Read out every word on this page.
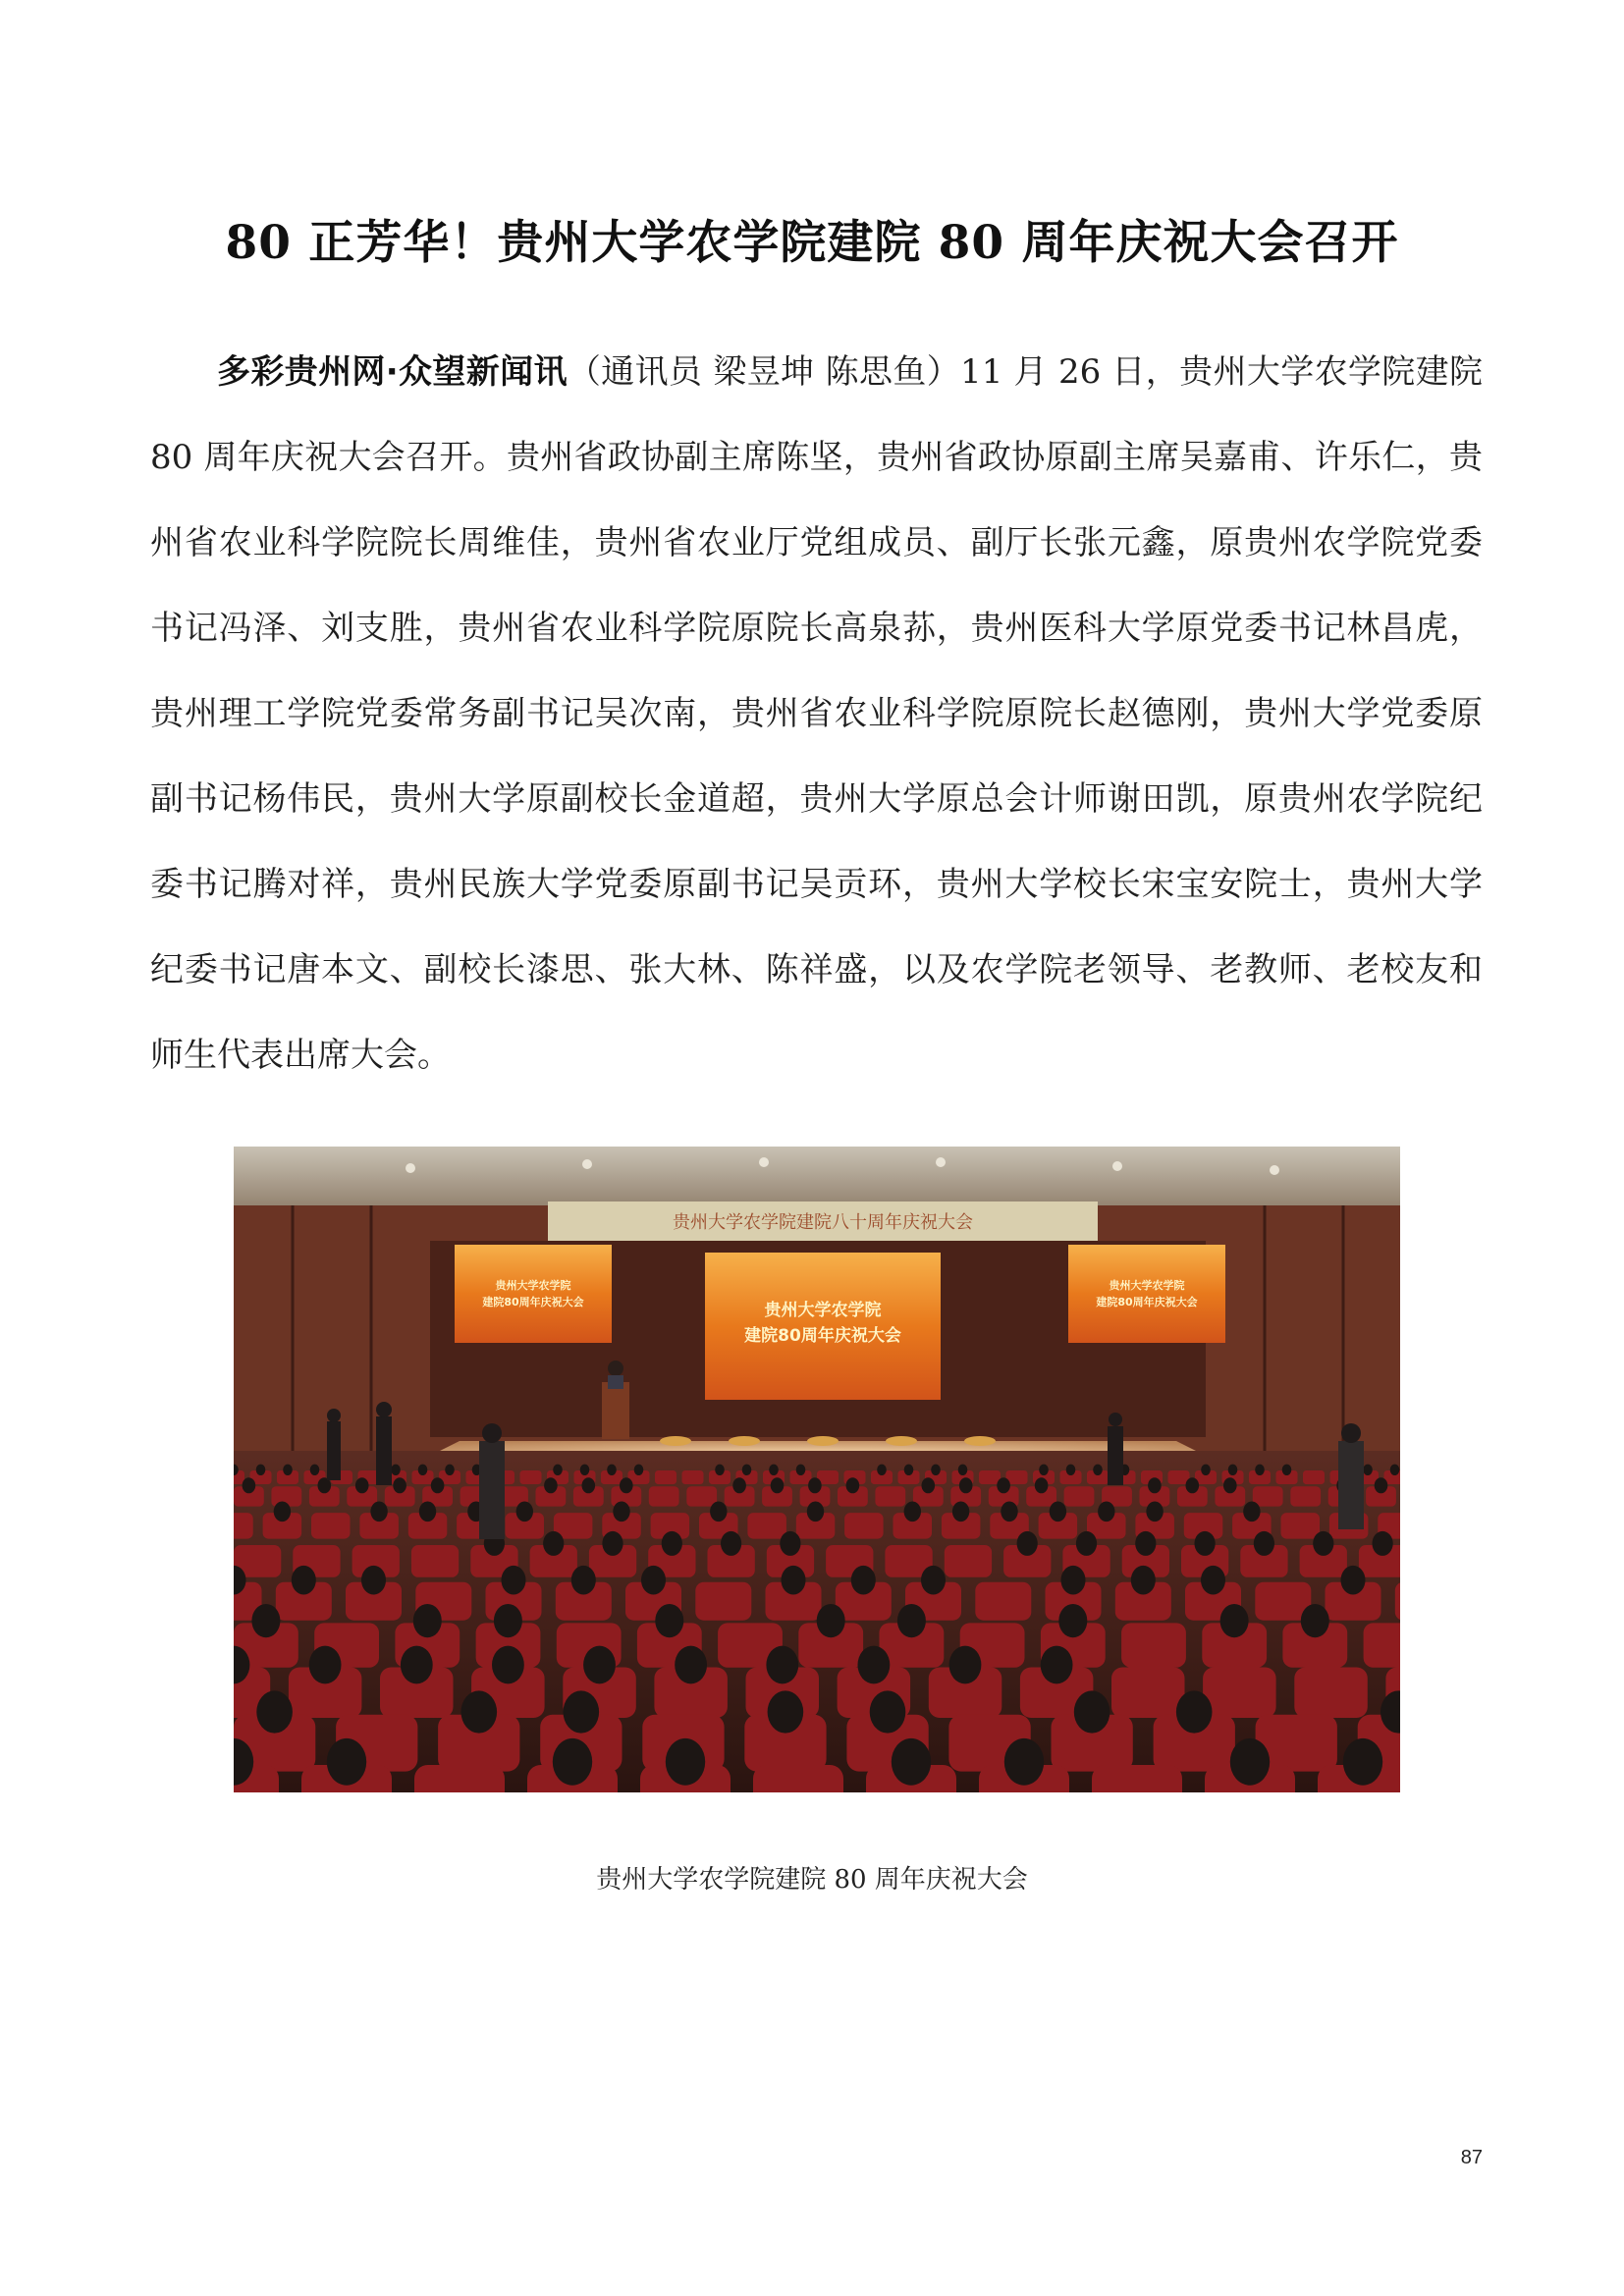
80 正芳华！贵州大学农学院建院 80 周年庆祝大会召开

多彩贵州网·众望新闻讯（通讯员 梁昱坤 陈思鱼）11 月 26 日，贵州大学农学院建院 80 周年庆祝大会召开。贵州省政协副主席陈坚，贵州省政协原副主席吴嘉甫、许乐仁，贵州省农业科学院院长周维佳，贵州省农业厅党组成员、副厅长张元鑫，原贵州农学院党委书记冯泽、刘支胜，贵州省农业科学院原院长高泉荪，贵州医科大学原党委书记林昌虎，贵州理工学院党委常务副书记吴次南，贵州省农业科学院原院长赵德刚，贵州大学党委原副书记杨伟民，贵州大学原副校长金道超，贵州大学原总会计师谢田凯，原贵州农学院纪委书记腾对祥，贵州民族大学党委原副书记吴贡环，贵州大学校长宋宝安院士，贵州大学纪委书记唐本文、副校长漆思、张大林、陈祥盛，以及农学院老领导、老教师、老校友和师生代表出席大会。

贵州大学农学院建院八十周年庆祝大会
贵州大学农学院
建院80周年庆祝大会
贵州大学农学院
建院80周年庆祝大会
贵州大学农学院
建院80周年庆祝大会

贵州大学农学院建院 80 周年庆祝大会

87
